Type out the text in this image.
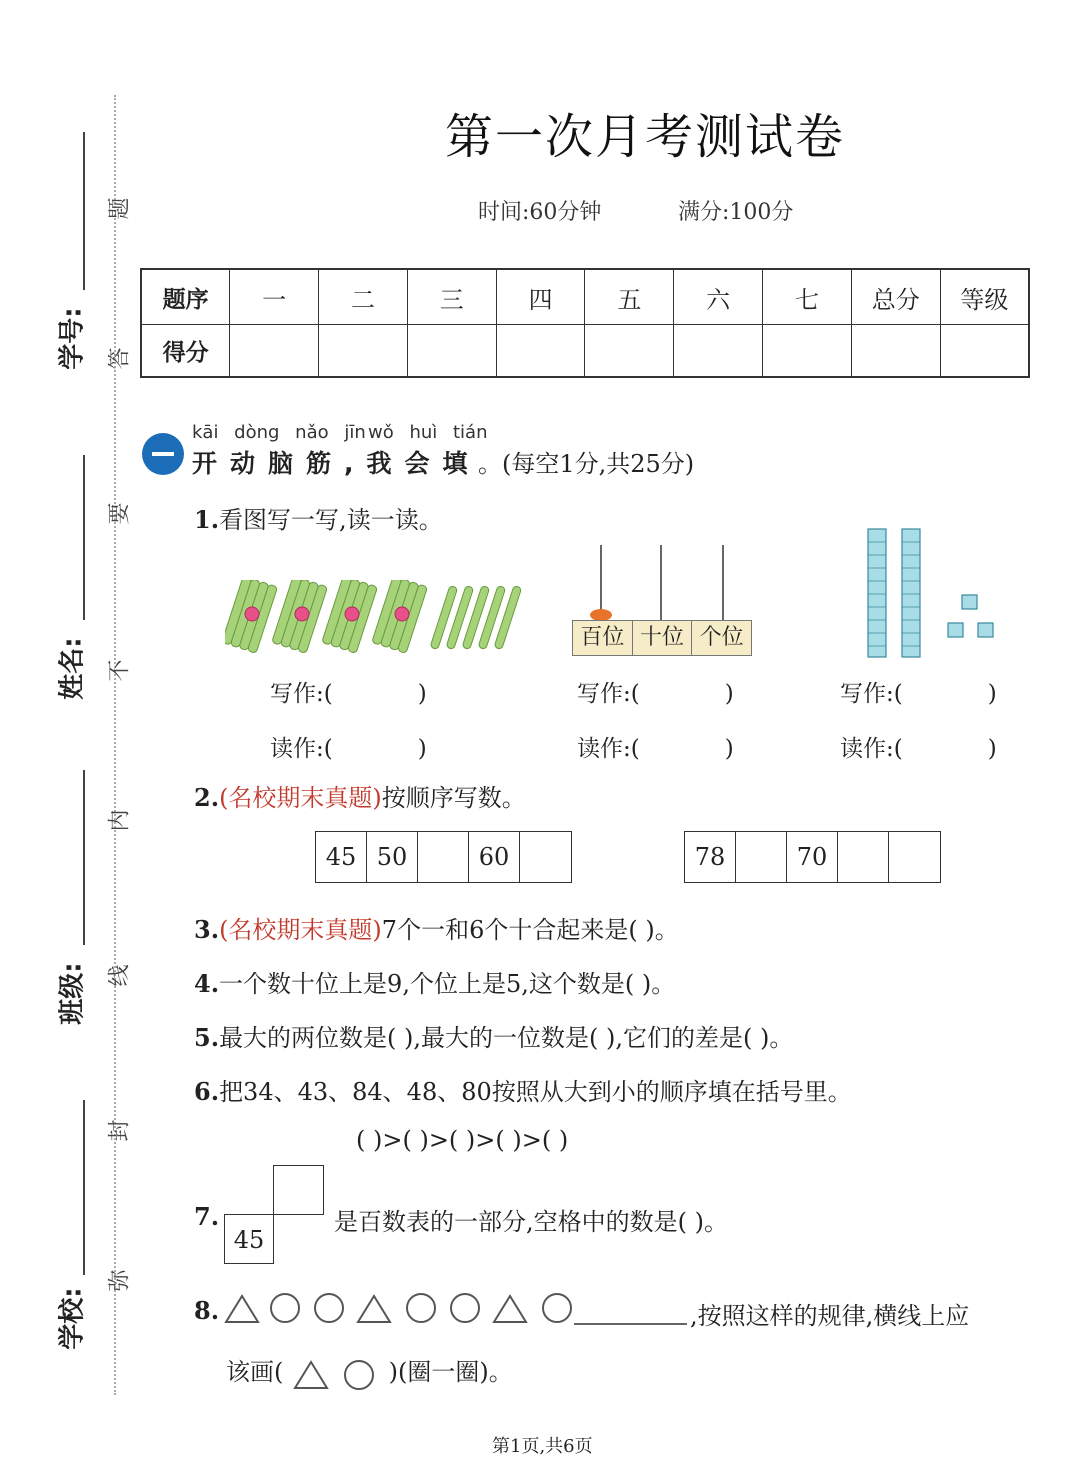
学号:
姓名:
班级:
学校:
题
答
要
不
内
线
封
弥
第一次月考测试卷
时间:60分钟	满分:100分
题序	一	二	三	四	五	六	七	总分	等级
得分									
kāi dòng nǎo jīn wǒ huì tián
开动脑筋,我会填
。(每空1分,共25分)
1.看图写一写,读一读。
百位 十位 个位
写作:(	)	写作:(	)	写作:(	)
读作:(	)	读作:(	)	读作:(	)
2.(名校期末真题)按顺序写数。
45 50	60	78	70
3.(名校期末真题)7个一和6个十合起来是( )。
4.一个数十位上是9,个位上是5,这个数是( )。
5.最大的两位数是( ),最大的一位数是( ),它们的差是( )。
6.把34、43、84、48、80按照从大到小的顺序填在括号里。
( )>( )>( )>( )>( )
7.
45
是百数表的一部分,空格中的数是( )。
8.	,按照这样的规律,横线上应
该画(	)(圈一圈)。
第1页,共6页
